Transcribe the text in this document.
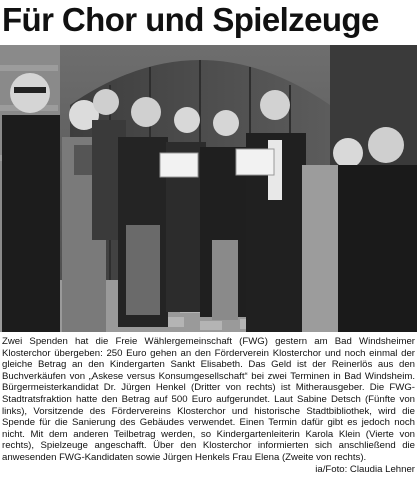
Für Chor und Spielzeuge
Zwei Spenden hat die Freie Wählergemeinschaft (FWG) gestern am Bad Windsheimer Klosterchor übergeben: 250 Euro gehen an den Förderverein Klosterchor und noch einmal der gleiche Betrag an den Kindergarten Sankt Elisabeth. Das Geld ist der Reinerlös aus den Buchverkäufen von „Askese versus Konsumgesellschaft“ bei zwei Terminen in Bad Windsheim. Bürgermeisterkandidat Dr. Jürgen Henkel (Dritter von rechts) ist Mitherausgeber. Die FWG-Stadtratsfraktion hatte den Betrag auf 500 Euro aufgerundet. Laut Sabine Detsch (Fünfte von links), Vorsitzende des Fördervereins Klosterchor und historische Stadtbibliothek, wird die Spende für die Sanierung des Gebäudes verwendet. Einen Termin dafür gibt es jedoch noch nicht. Mit dem anderen Teilbetrag werden, so Kindergartenleiterin Karola Klein (Vierte von rechts), Spielzeuge angeschafft. Über den Klosterchor informierten sich anschließend die anwesenden FWG-Kandidaten sowie Jürgen Henkels Frau Elena (Zweite von rechts).
ia/Foto: Claudia Lehner
